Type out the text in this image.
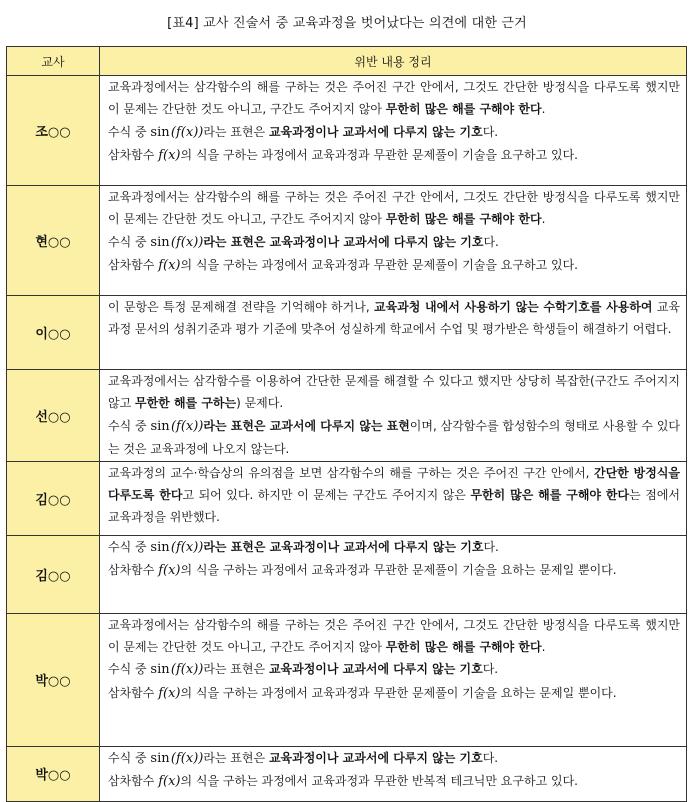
[표4] 교사 진술서 중 교육과정을 벗어났다는 의견에 대한 근거
교사	위반 내용 정리
조○○	교육과정에서는 삼각함수의 해를 구하는 것은 주어진 구간 안에서, 그것도 간단한 방정식을 다루도록 했지만 이 문제는 간단한 것도 아니고, 구간도 주어지지 않아 무한히 많은 해를 구해야 한다.

수식 중 sin (f(x))라는 표현은 교육과정이나 교과서에 다루지 않는 기호다.

삼차함수 f(x)의 식을 구하는 과정에서 교육과정과 무관한 문제풀이 기술을 요구하고 있다.

현○○	교육과정에서는 삼각함수의 해를 구하는 것은 주어진 구간 안에서, 그것도 간단한 방정식을 다루도록 했지만 이 문제는 간단한 것도 아니고, 구간도 주어지지 않아 무한히 많은 해를 구해야 한다.

수식 중 sin (f(x))라는 표현은 교육과정이나 교과서에 다루지 않는 기호다.

삼차함수 f(x)의 식을 구하는 과정에서 교육과정과 무관한 문제풀이 기술을 요구하고 있다.

이○○	이 문항은 특정 문제해결 전략을 기억해야 하거나, 교육과청 내에서 사용하기 않는 수학기호를 사용하여 교육과정 문서의 성취기준과 평가 기준에 맞추어 성실하게 학교에서 수업 및 평가받은 학생들이 해결하기 어렵다.

선○○	교육과정에서는 삼각함수를 이용하여 간단한 문제를 해결할 수 있다고 했지만 상당히 복잡한(구간도 주어지지 않고 무한한 해를 구하는) 문제다.

수식 중 sin (f(x))라는 표현은 교과서에 다루지 않는 표현이며, 삼각함수를 합성함수의 형태로 사용할 수 있다는 것은 교육과정에 나오지 않는다.

김○○	교육과정의 교수·학습상의 유의점을 보면 삼각함수의 해를 구하는 것은 주어진 구간 안에서, 간단한 방정식을 다루도록 한다고 되어 있다. 하지만 이 문제는 구간도 주어지지 않은 무한히 많은 해를 구해야 한다는 점에서 교육과정을 위반했다.

김○○	수식 중 sin (f(x))라는 표현은 교육과정이나 교과서에 다루지 않는 기호다.

삼차함수 f(x)의 식을 구하는 과정에서 교육과정과 무관한 문제풀이 기술을 요하는 문제일 뿐이다.

박○○	교육과정에서는 삼각함수의 해를 구하는 것은 주어진 구간 안에서, 그것도 간단한 방정식을 다루도록 했지만 이 문제는 간단한 것도 아니고, 구간도 주어지지 않아 무한히 많은 해를 구해야 한다.

수식 중 sin (f(x))라는 표현은 교육과정이나 교과서에 다루지 않는 기호다.

삼차함수 f(x)의 식을 구하는 과정에서 교육과정과 무관한 문제풀이 기술을 요하는 문제일 뿐이다.

박○○	수식 중 sin (f(x))라는 표현은 교육과정이나 교과서에 다루지 않는 기호다.

삼차함수 f(x)의 식을 구하는 과정에서 교육과정과 무관한 반복적 테크닉만 요구하고 있다.
